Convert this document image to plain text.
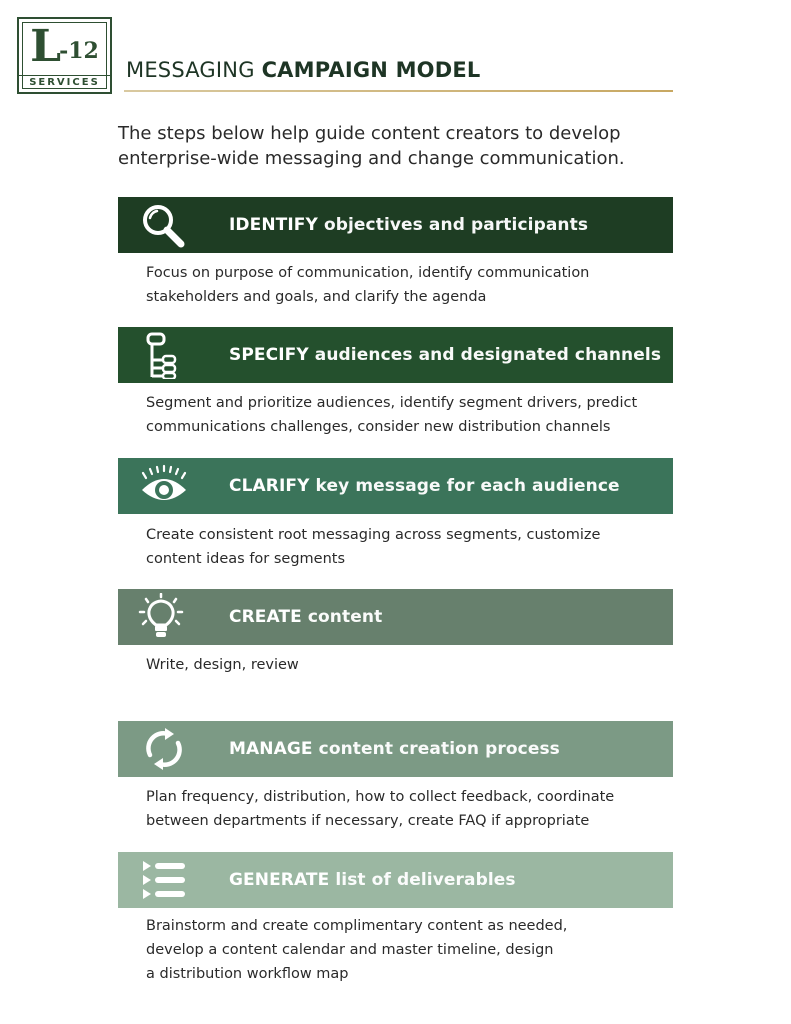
L-12
SERVICES
MESSAGING CAMPAIGN MODEL
The steps below help guide content creators to develop enterprise-wide messaging and change communication.
IDENTIFY objectives and participants
Focus on purpose of communication, identify communication
stakeholders and goals, and clarify the agenda
SPECIFY audiences and designated channels
Segment and prioritize audiences, identify segment drivers, predict
communications challenges, consider new distribution channels
CLARIFY key message for each audience
Create consistent root messaging across segments, customize
content ideas for segments
CREATE content
Write, design, review
MANAGE content creation process
Plan frequency, distribution, how to collect feedback, coordinate
between departments if necessary, create FAQ if appropriate
GENERATE list of deliverables
Brainstorm and create complimentary content as needed,
develop a content calendar and master timeline, design
a distribution workflow map
